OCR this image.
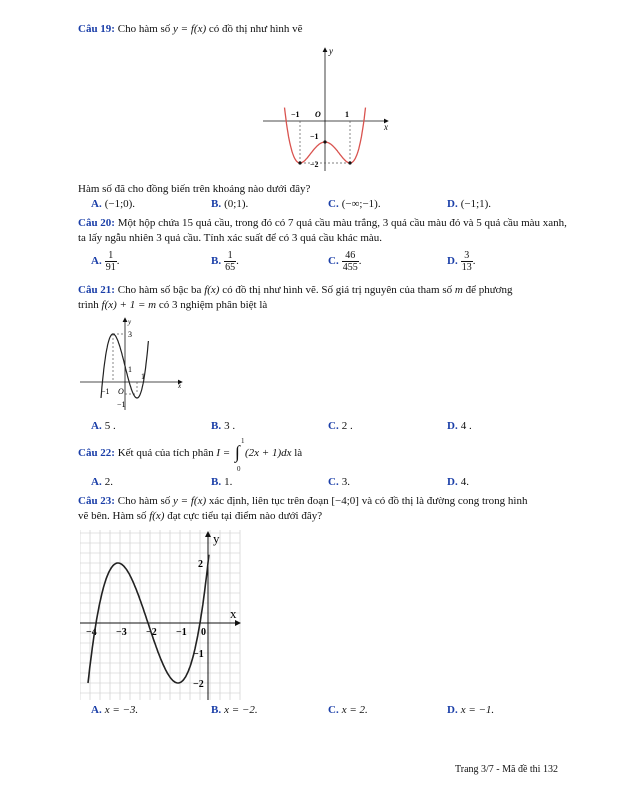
Câu 19: Cho hàm số y = f(x) có đồ thị như hình vẽ
x
y
O
−1	1
−1
−2
Hàm số đã cho đồng biến trên khoảng nào dưới đây?
A. (−1;0).	B. (0;1).	C. (−∞;−1).	D. (−1;1).
Câu 20: Một hộp chứa 15 quả cầu, trong đó có 7 quả cầu màu trắng, 3 quả cầu màu đỏ và 5 quả cầu màu xanh, ta lấy ngẫu nhiên 3 quả cầu. Tính xác suất để có 3 quả cầu khác màu.
A. $\frac{1}{91}$ .	B. $\frac{1}{65}$ .	C. $\frac{46}{455}$ .	D. $\frac{3}{13}$ .
Câu 21: Cho hàm số bậc ba f(x) có đồ thị như hình vẽ. Số giá trị nguyên của tham số m để phương
trình f(x) + 1 = m có 3 nghiệm phân biệt là
x
y
O
3
1
−1
1
−1
A. 5 .	B. 3 .	C. 2 .	D. 4 .
Câu 22: Kết quả của tích phân I = ∫
1
0
(2x + 1)dx là
A. 2.	B. 1.	C. 3.	D. 4.
Câu 23: Cho hàm số y = f(x) xác định, liên tục trên đoạn [−4;0] và có đồ thị là đường cong trong hình
vẽ bên. Hàm số f(x) đạt cực tiểu tại điểm nào dưới đây?
x
y
−4 −3 −2 −1 0
2
−1
−2
A. x = −3.	B. x = −2.	C. x = 2.	D. x = −1.
Trang 3/7 - Mã đề thi 132
